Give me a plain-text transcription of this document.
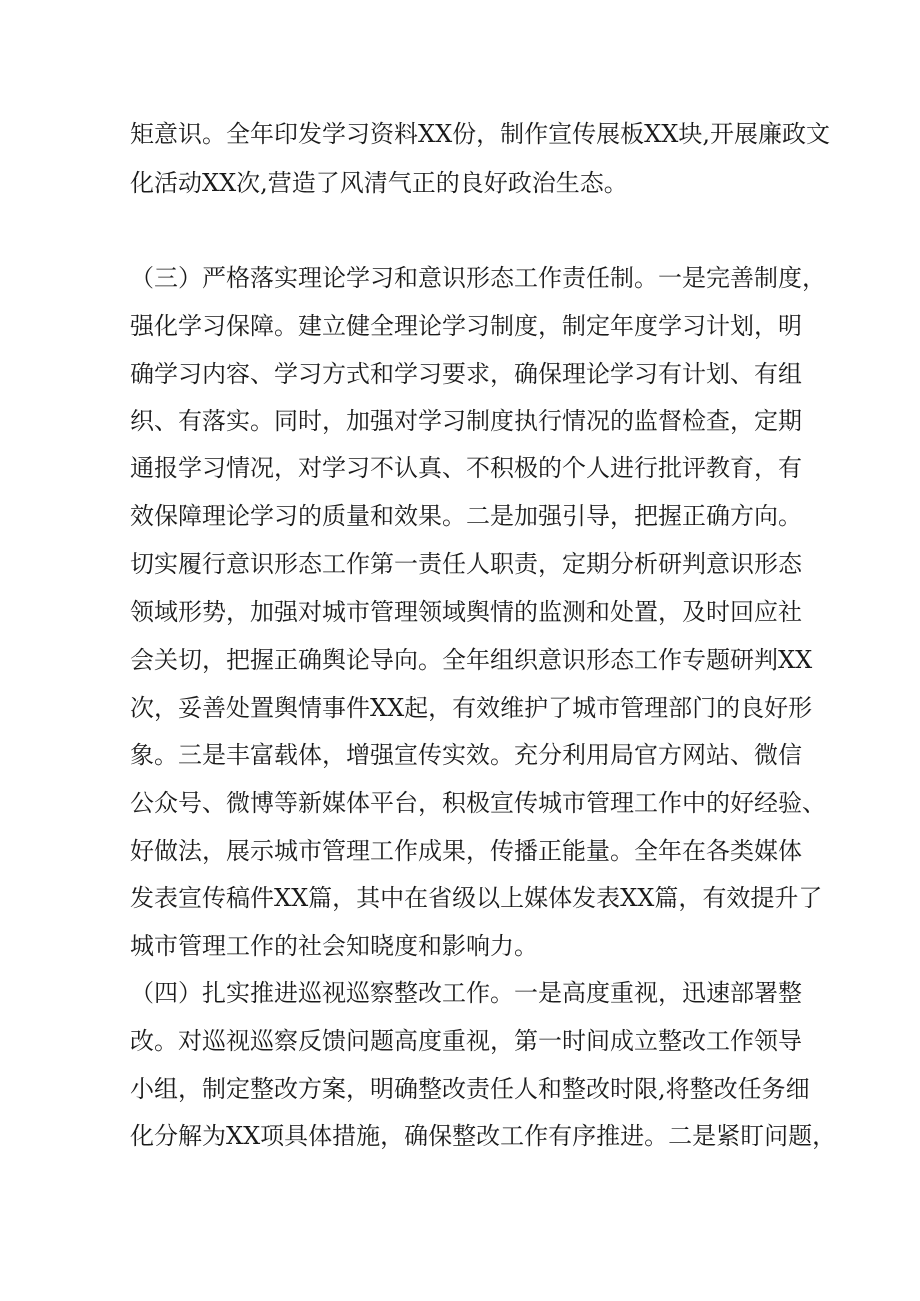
矩意识。全年印发学习资料XX份，制作宣传展板XX块,开展廉政文
化活动XX次,营造了风清气正的良好政治生态。
（三）严格落实理论学习和意识形态工作责任制。一是完善制度，
强化学习保障。建立健全理论学习制度，制定年度学习计划，明
确学习内容、学习方式和学习要求，确保理论学习有计划、有组
织、有落实。同时，加强对学习制度执行情况的监督检查，定期
通报学习情况，对学习不认真、不积极的个人进行批评教育，有
效保障理论学习的质量和效果。二是加强引导，把握正确方向。
切实履行意识形态工作第一责任人职责，定期分析研判意识形态
领域形势，加强对城市管理领域舆情的监测和处置，及时回应社
会关切，把握正确舆论导向。全年组织意识形态工作专题研判XX
次，妥善处置舆情事件XX起，有效维护了城市管理部门的良好形
象。三是丰富载体，增强宣传实效。充分利用局官方网站、微信
公众号、微博等新媒体平台，积极宣传城市管理工作中的好经验、
好做法，展示城市管理工作成果，传播正能量。全年在各类媒体
发表宣传稿件XX篇，其中在省级以上媒体发表XX篇，有效提升了
城市管理工作的社会知晓度和影响力。
（四）扎实推进巡视巡察整改工作。一是高度重视，迅速部署整
改。对巡视巡察反馈问题高度重视，第一时间成立整改工作领导
小组，制定整改方案，明确整改责任人和整改时限,将整改任务细
化分解为XX项具体措施，确保整改工作有序推进。二是紧盯问题，
